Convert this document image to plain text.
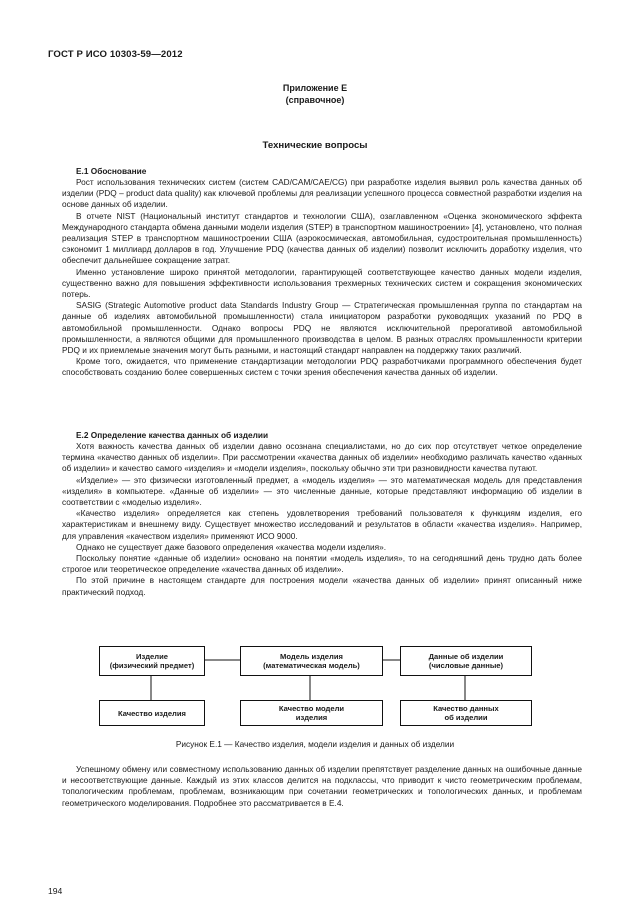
ГОСТ Р ИСО 10303-59—2012
Приложение Е
(справочное)
Технические вопросы
Е.1 Обоснование

Рост использования технических систем (систем CAD/CAM/CAE/CG) при разработке изделия выявил роль качества данных об изделии (PDQ – product data quality) как ключевой проблемы для реализации успешного процесса совместной разработки изделия на основе данных об изделии.

В отчете NIST (Национальный институт стандартов и технологии США), озаглавленном «Оценка экономического эффекта Международного стандарта обмена данными модели изделия (STEP) в транспортном машиностроении» [4], установлено, что полная реализация STEP в транспортном машиностроении США (аэрокосмическая, автомобильная, судостроительная промышленность) сэкономит 1 миллиард долларов в год. Улучшение PDQ (качества данных об изделии) позволит исключить доработку изделия, что обеспечит дальнейшее сокращение затрат.

Именно установление широко принятой методологии, гарантирующей соответствующее качество данных модели изделия, существенно важно для повышения эффективности использования трехмерных технических систем и сокращения экономических потерь.

SASIG (Strategic Automotive product data Standards Industry Group — Стратегическая промышленная группа по стандартам на данные об изделиях автомобильной промышленности) стала инициатором разработки руководящих указаний по PDQ в автомобильной промышленности. Однако вопросы PDQ не являются исключительной прерогативой автомобильной промышленности, а являются общими для промышленного производства в целом. В разных отраслях промышленности критерии PDQ и их приемлемые значения могут быть разными, и настоящий стандарт направлен на поддержку таких различий.

Кроме того, ожидается, что применение стандартизации методологии PDQ разработчиками программного обеспечения будет способствовать созданию более совершенных систем с точки зрения обеспечения качества данных об изделии.

Е.2 Определение качества данных об изделии

Хотя важность качества данных об изделии давно осознана специалистами, но до сих пор отсутствует четкое определение термина «качество данных об изделии». При рассмотрении «качества данных об изделии» необходимо различать качество «данных об изделии» и качество самого «изделия» и «модели изделия», поскольку обычно эти три разновидности качества путают.

«Изделие» — это физически изготовленный предмет, а «модель изделия» — это математическая модель для представления «изделия» в компьютере. «Данные об изделии» — это численные данные, которые представляют информацию об изделии в соответствии с «моделью изделия».

«Качество изделия» определяется как степень удовлетворения требований пользователя к функциям изделия, его характеристикам и внешнему виду. Существует множество исследований и результатов в области «качества изделия». Например, для управления «качеством изделия» применяют ИСО 9000.

Однако не существует даже базового определения «качества модели изделия».

Поскольку понятие «данные об изделии» основано на понятии «модель изделия», то на сегодняшний день трудно дать более строгое или теоретическое определение «качества данных об изделии».

По этой причине в настоящем стандарте для построения модели «качества данных об изделии» принят описанный ниже практический подход.

Изделие
(физический предмет)
Модель изделия
(математическая модель)
Данные об изделии
(числовые данные)
Качество изделия	Качество модели
изделия
Качество данных
об изделии
Рисунок Е.1 — Качество изделия, модели изделия и данных об изделии

Успешному обмену или совместному использованию данных об изделии препятствует разделение данных на ошибочные данные и несоответствующие данные. Каждый из этих классов делится на подклассы, что приводит к чисто геометрическим проблемам, топологическим проблемам, проблемам, возникающим при сочетании геометрических и топологических данных, и проблемам геометрического моделирования. Подробнее это рассматривается в Е.4.

194
